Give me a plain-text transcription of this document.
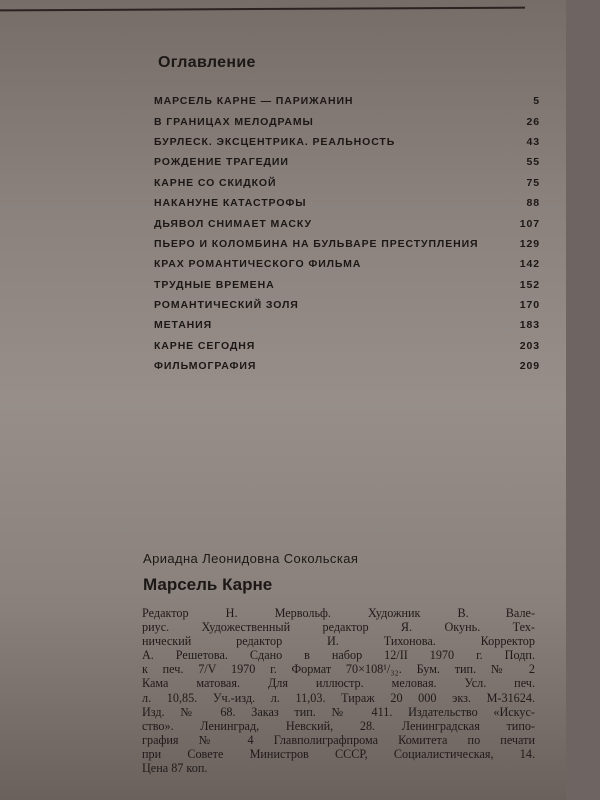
Оглавление
МАРСЕЛЬ КАРНЕ — ПАРИЖАНИН	5
В ГРАНИЦАХ МЕЛОДРАМЫ	26
БУРЛЕСК. ЭКСЦЕНТРИКА. РЕАЛЬНОСТЬ	43
РОЖДЕНИЕ ТРАГЕДИИ	55
КАРНЕ СО СКИДКОЙ	75
НАКАНУНЕ КАТАСТРОФЫ	88
ДЬЯВОЛ СНИМАЕТ МАСКУ	107
ПЬЕРО И КОЛОМБИНА НА БУЛЬВАРЕ ПРЕСТУПЛЕНИЯ	129
КРАХ РОМАНТИЧЕСКОГО ФИЛЬМА	142
ТРУДНЫЕ ВРЕМЕНА	152
РОМАНТИЧЕСКИЙ ЗОЛЯ	170
МЕТАНИЯ	183
КАРНЕ СЕГОДНЯ	203
ФИЛЬМОГРАФИЯ	209
Ариадна Леонидовна Сокольская
Марсель Карне
Редактор Н. Мервольф. Художник В. Вале-
риус. Художественный редактор Я. Окунь. Тех-
нический редактор И. Тихонова. Корректор
А. Решетова. Сдано в набор 12/II 1970 г. Подп.
к печ. 7/V 1970 г. Формат 70×108¹/₃₂. Бум. тип. № 2
Кама матовая. Для иллюстр. меловая. Усл. печ.
л. 10,85. Уч.-изд. л. 11,03. Тираж 20 000 экз. М-31624.
Изд. № 68. Заказ тип. № 411. Издательство «Искус-
ство». Ленинград, Невский, 28. Ленинградская типо-
графия № 4 Главполиграфпрома Комитета по печати
при Совете Министров СССР, Социалистическая, 14.
Цена 87 коп.
